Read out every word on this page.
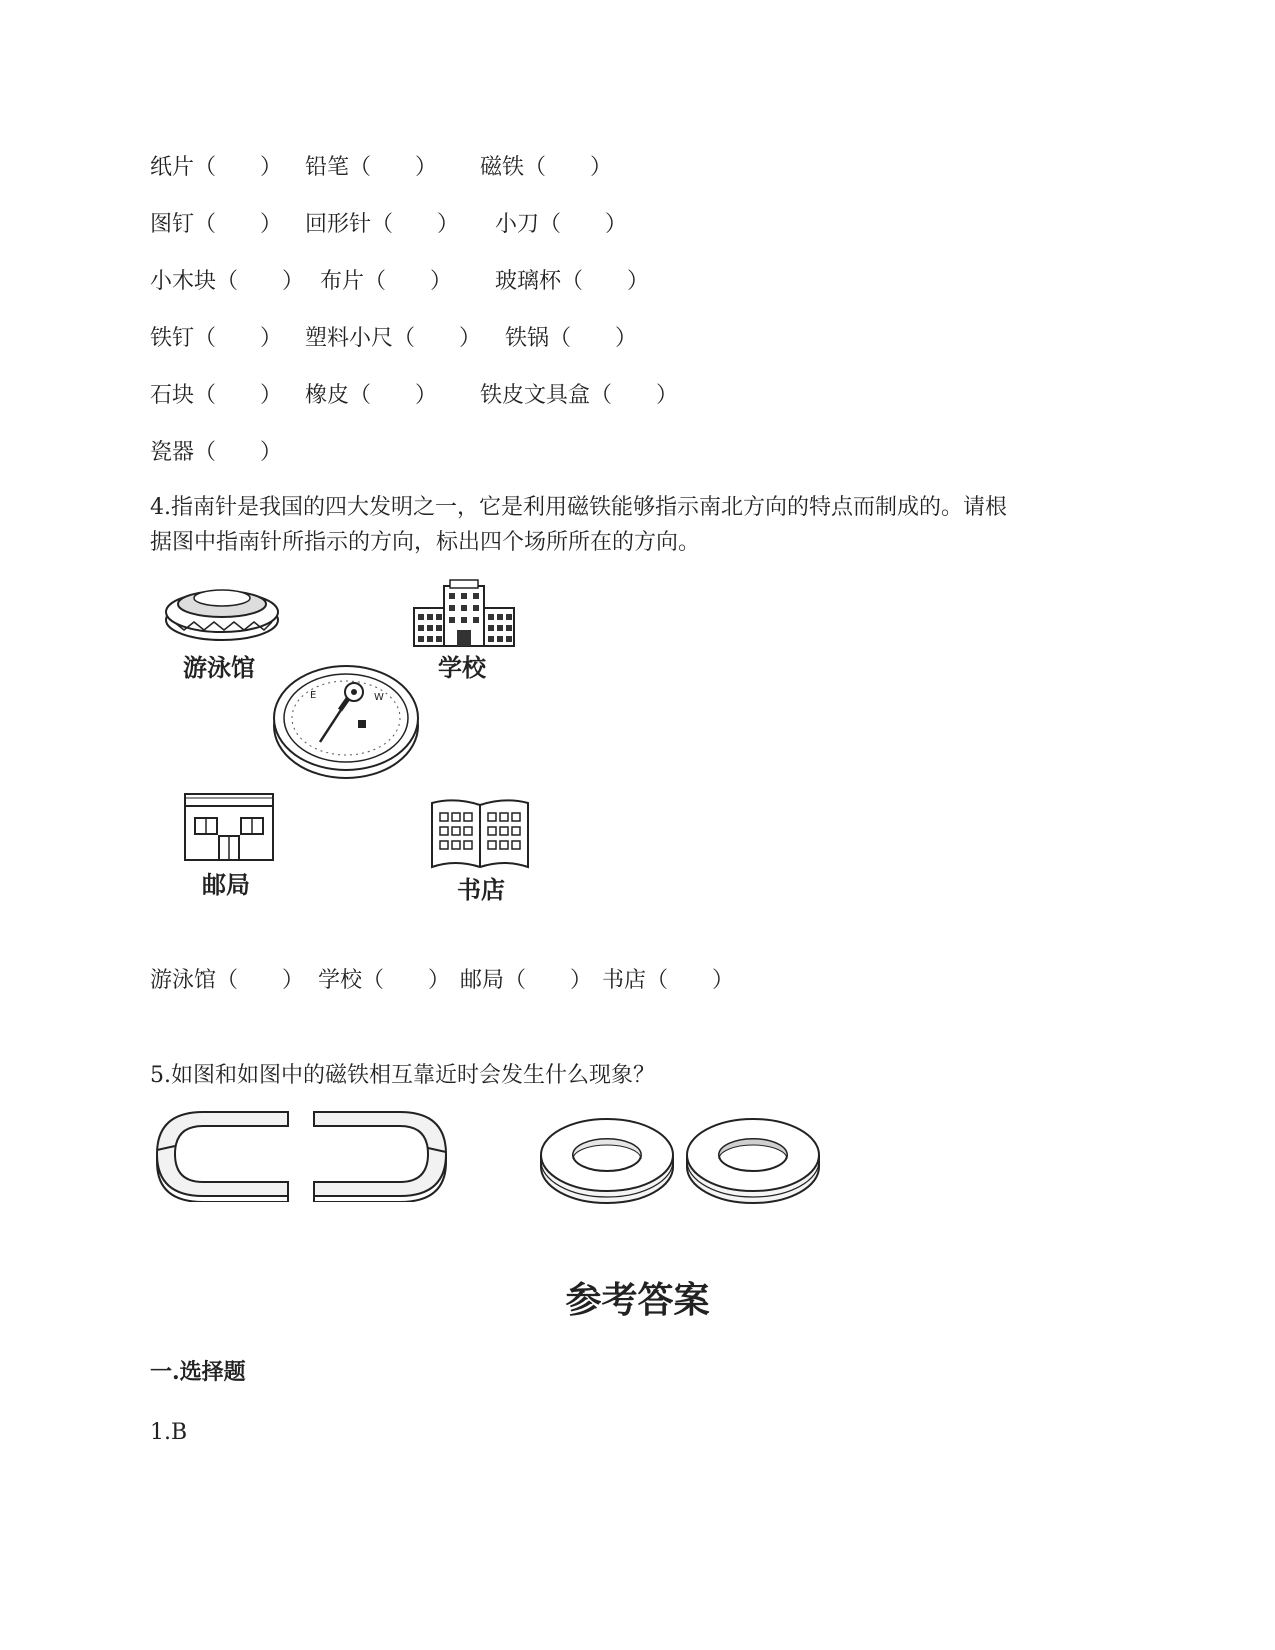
纸片（　　） 铅笔（　　） 磁铁（　　）
图钉（　　） 回形针（　　） 小刀（　　）
小木块（　　） 布片（　　） 玻璃杯（　　）
铁钉（　　） 塑料小尺（　　） 铁锅（　　）
石块（　　） 橡皮（　　） 铁皮文具盒（　　）
瓷器（　　）
4.指南针是我国的四大发明之一，它是利用磁铁能够指示南北方向的特点而制成的。请根
据图中指南针所指示的方向，标出四个场所所在的方向。
游泳馆	学校
E	W
邮局	书店
游泳馆（　　） 学校（　　） 邮局（　　） 书店（　　）
5.如图和如图中的磁铁相互靠近时会发生什么现象？
参考答案
一.选择题
1.B
